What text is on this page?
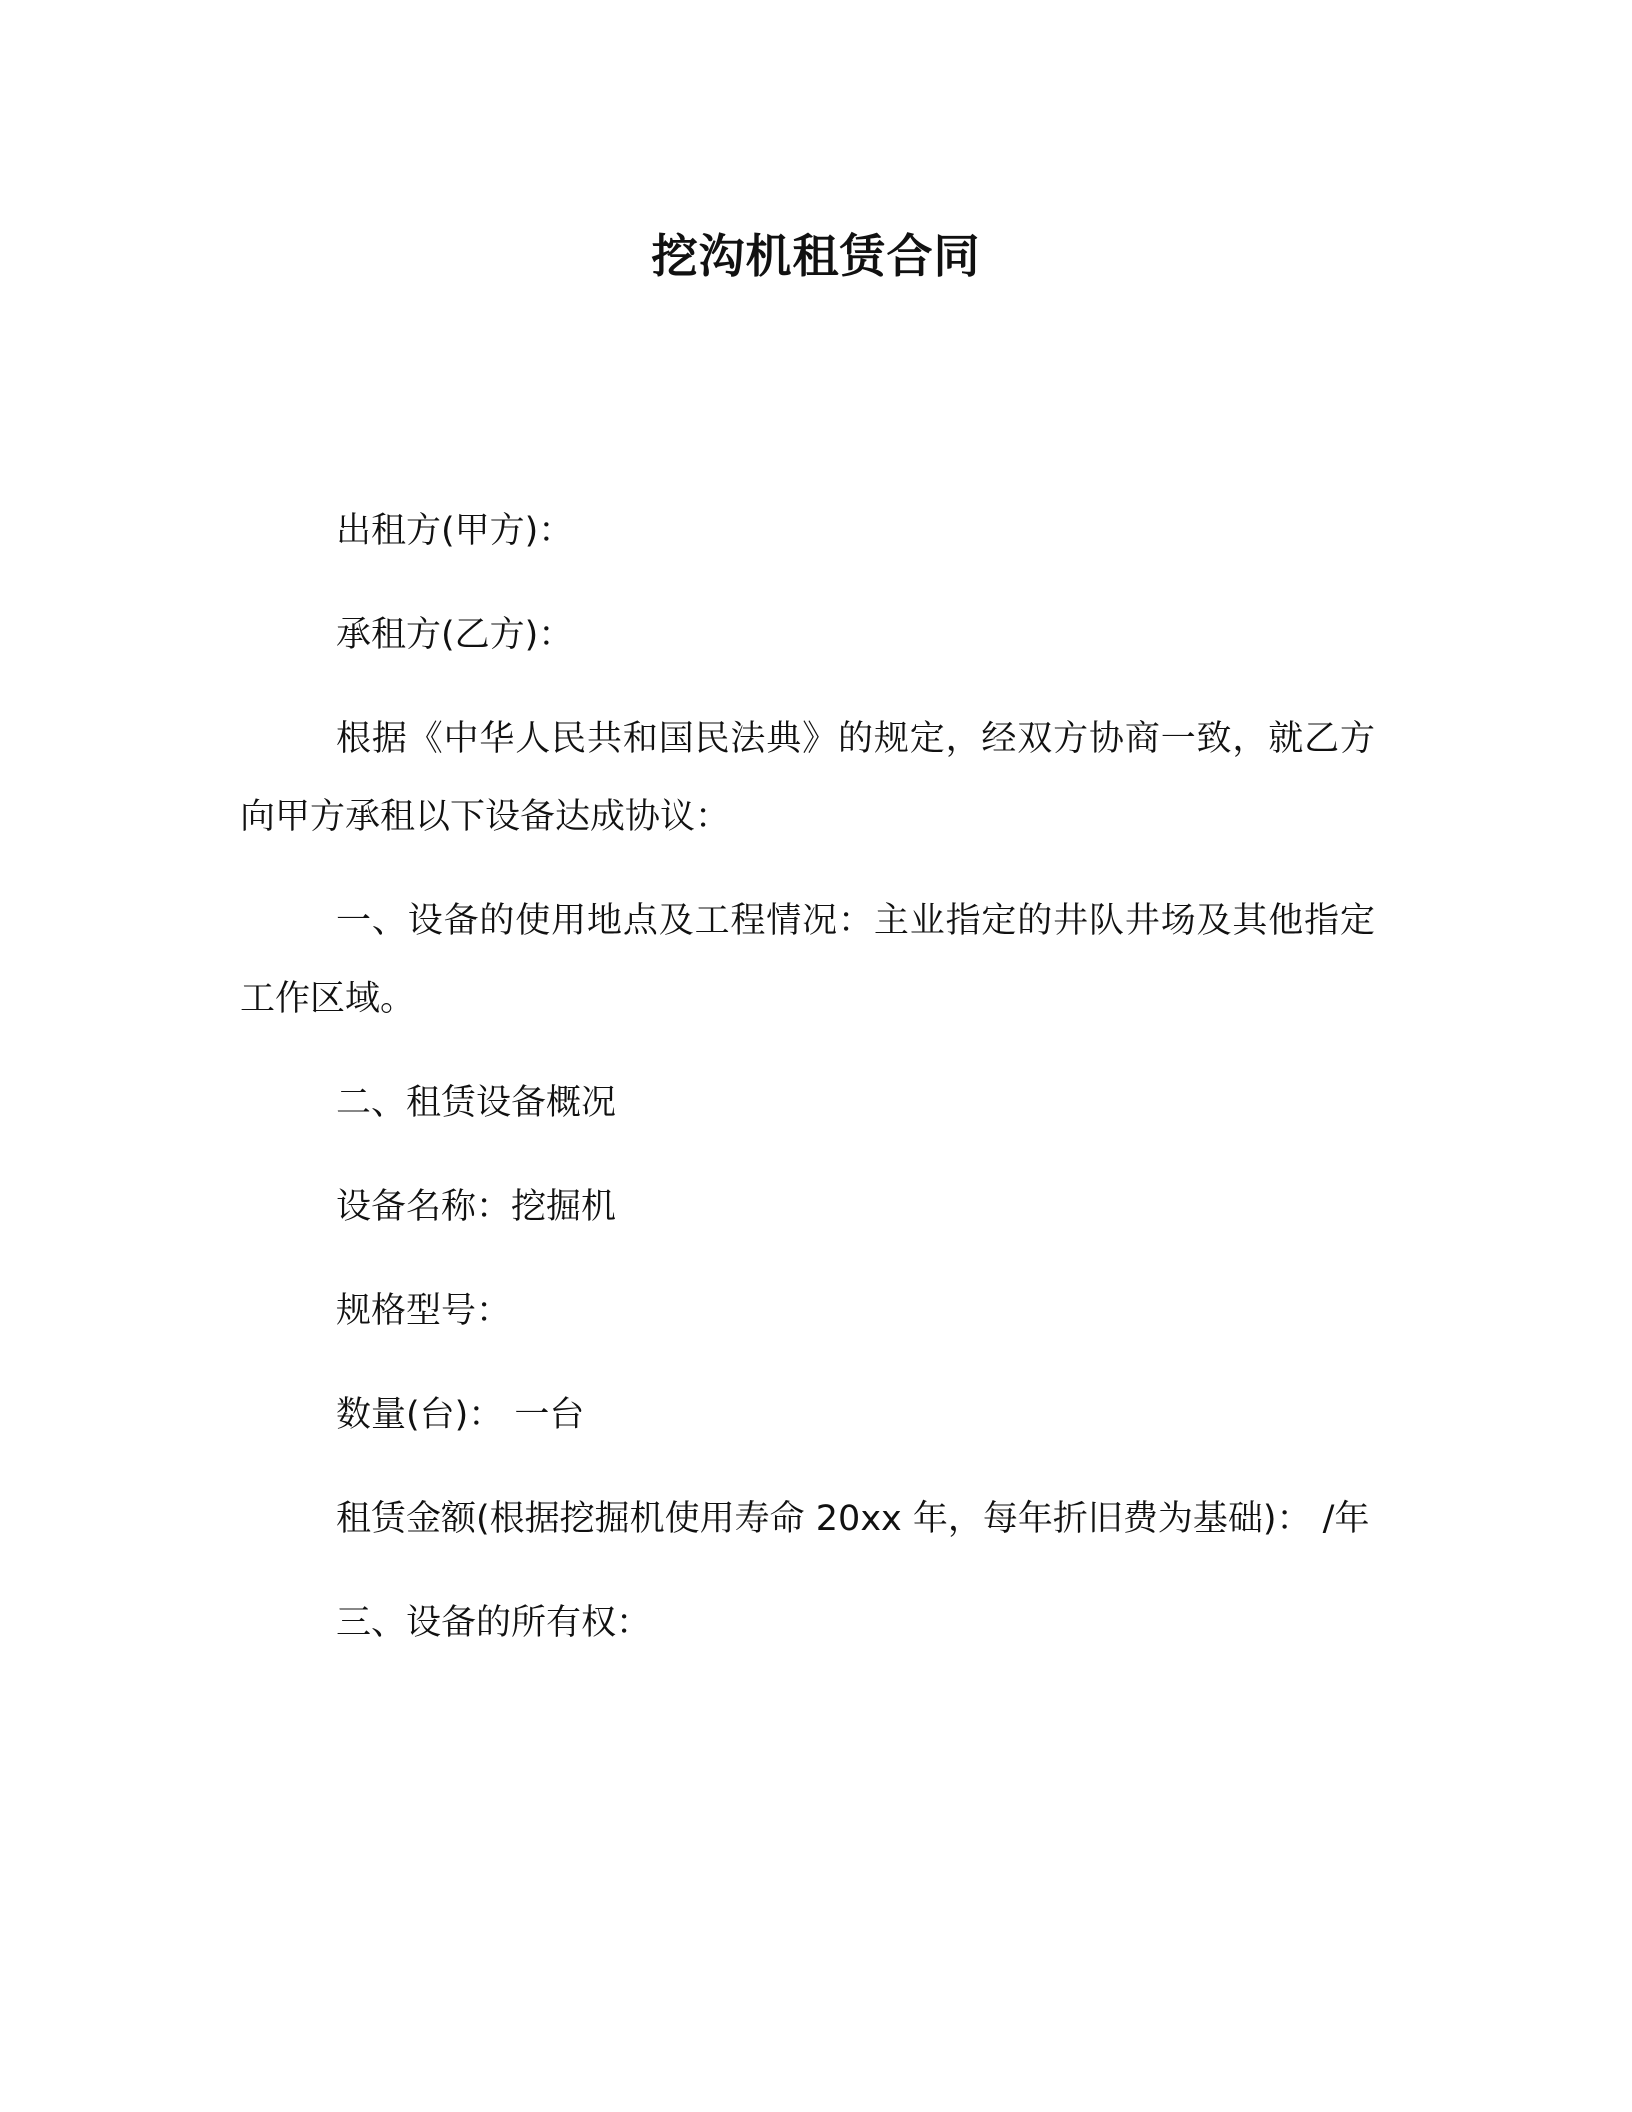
挖沟机租赁合同

出租方(甲方)：

承租方(乙方)：

根据《中华人民共和国民法典》的规定，经双方协商一致，就乙方向甲方承租以下设备达成协议：

一、设备的使用地点及工程情况：主业指定的井队井场及其他指定工作区域。

二、租赁设备概况

设备名称：挖掘机

规格型号：

数量(台)： 一台

租赁金额(根据挖掘机使用寿命 20xx 年，每年折旧费为基础)： /年

三、设备的所有权：
